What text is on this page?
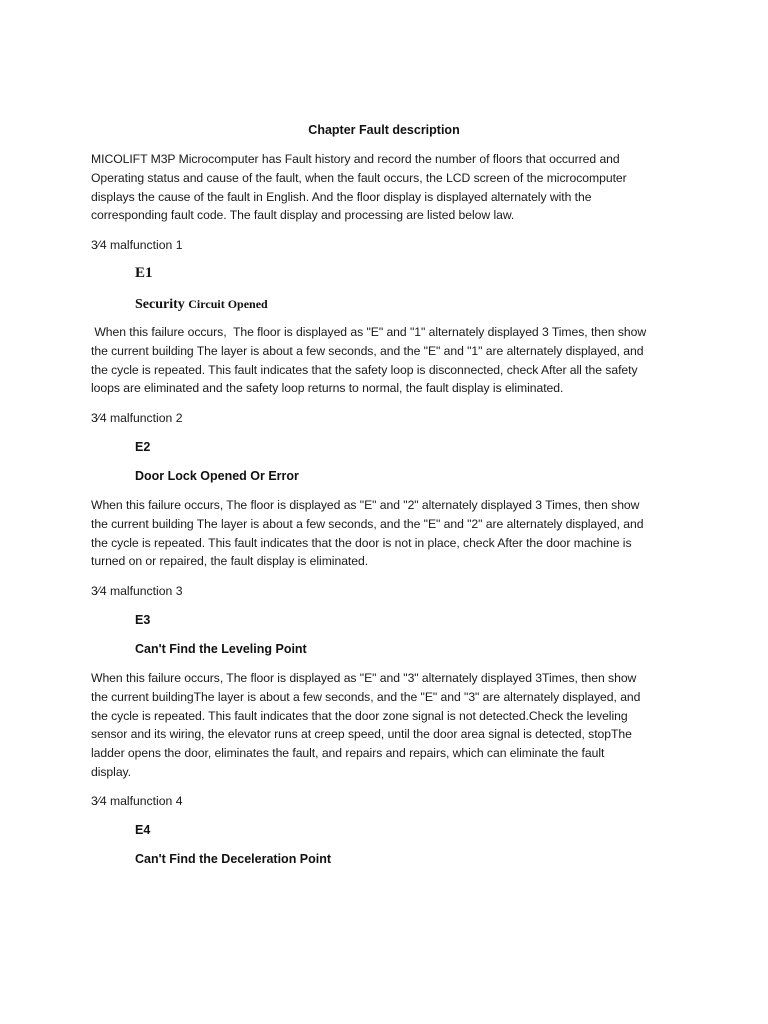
Chapter Fault description
MICOLIFT M3P Microcomputer has Fault history and record the number of floors that occurred and
Operating status and cause of the fault, when the fault occurs, the LCD screen of the microcomputer
displays the cause of the fault in English. And the floor display is displayed alternately with the
corresponding fault code. The fault display and processing are listed below law.
3⁄4 malfunction 1
E1
Security Circuit Opened
When this failure occurs,  The floor is displayed as "E" and "1" alternately displayed 3 Times, then show
the current building The layer is about a few seconds, and the "E" and "1" are alternately displayed, and
the cycle is repeated. This fault indicates that the safety loop is disconnected, check After all the safety
loops are eliminated and the safety loop returns to normal, the fault display is eliminated.
3⁄4 malfunction 2
E2
Door Lock Opened Or Error
When this failure occurs, The floor is displayed as "E" and "2" alternately displayed 3 Times, then show
the current building The layer is about a few seconds, and the "E" and "2" are alternately displayed, and
the cycle is repeated. This fault indicates that the door is not in place, check After the door machine is
turned on or repaired, the fault display is eliminated.
3⁄4 malfunction 3
E3
Can't Find the Leveling Point
When this failure occurs, The floor is displayed as "E" and "3" alternately displayed 3Times, then show
the current buildingThe layer is about a few seconds, and the "E" and "3" are alternately displayed, and
the cycle is repeated. This fault indicates that the door zone signal is not detected.Check the leveling
sensor and its wiring, the elevator runs at creep speed, until the door area signal is detected, stopThe
ladder opens the door, eliminates the fault, and repairs and repairs, which can eliminate the fault
display.
3⁄4 malfunction 4
E4
Can't Find the Deceleration Point
